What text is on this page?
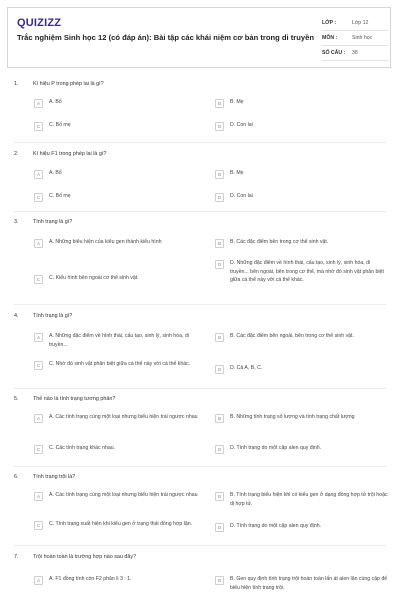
QUIZIZZ
Trắc nghiệm Sinh học 12 (có đáp án): Bài tập các khái niệm cơ bản trong di truyền
LỚP :	Lớp 12
MÔN :	Sinh học
SỐ CÂU :	38
1.	Kí hiệu P trong phép lai là gì?
A	A. Bố	B	B. Mẹ
C	C. Bố mẹ	D	D. Con lai
2.	Kí hiệu F1 trong phép lai là gì?
A	A. Bố	B	B. Mẹ
C	C. Bố mẹ	D	D. Con lai
3.	Tính trạng là gì?
A	A. Những biểu hiện của kiểu gen thành kiểu hình	B	B. Các đặc điểm bên trong cơ thể sinh vật.
C	C. Kiểu hình bên ngoài cơ thể sinh vật.
D	D. Những đặc điểm về hình thái, cấu tạo, sinh lý, sinh hóa, di truyền... bên ngoài, bên trong cơ thể, mà nhờ đó sinh vật phân biệt giữa cá thể này với cá thể khác.
4.	Tính trạng là gì?
A	A. Những đặc điểm về hình thái, cấu tạo, sinh lý, sinh hóa, di truyền...
B	B. Các đặc điểm bên ngoài, bên trong cơ thể sinh vật.
C	C. Nhờ đó sinh vật phân biệt giữa cá thể này với cá thể khác.
D	D. Cả A, B, C.
5.	Thế nào là tính trạng tương phản?
A	A. Các tính trạng cùng một loại nhưng biểu hiện trái ngược nhau	B	B. Những tính trạng số lượng và tính trạng chất lượng
C	C. Các tính trạng khác nhau.	D	D. Tính trạng do một cặp alen quy định.
6.	Tính trạng trội là?
A	A. Các tính trạng cùng một loại nhưng biểu hiện trái ngược nhau	B	B. Tính trạng biểu hiện khi có kiểu gen ở dạng đồng hợp tử trội hoặc dị hợp tử.
C	C. Tính trạng xuất hiện khi kiểu gen ở trạng thái đồng hợp lặn.
D	D. Tính trạng do một cặp alen quy định.
7.	Trội hoàn toàn là trường hợp nào sau đây?
A	A. F1 đồng tính còn F2 phân li 3 : 1.	B	B. Gen quy định tính trạng trội hoàn toàn lấn át alen lặn cùng cặp để biểu hiện tính trạng trội.
